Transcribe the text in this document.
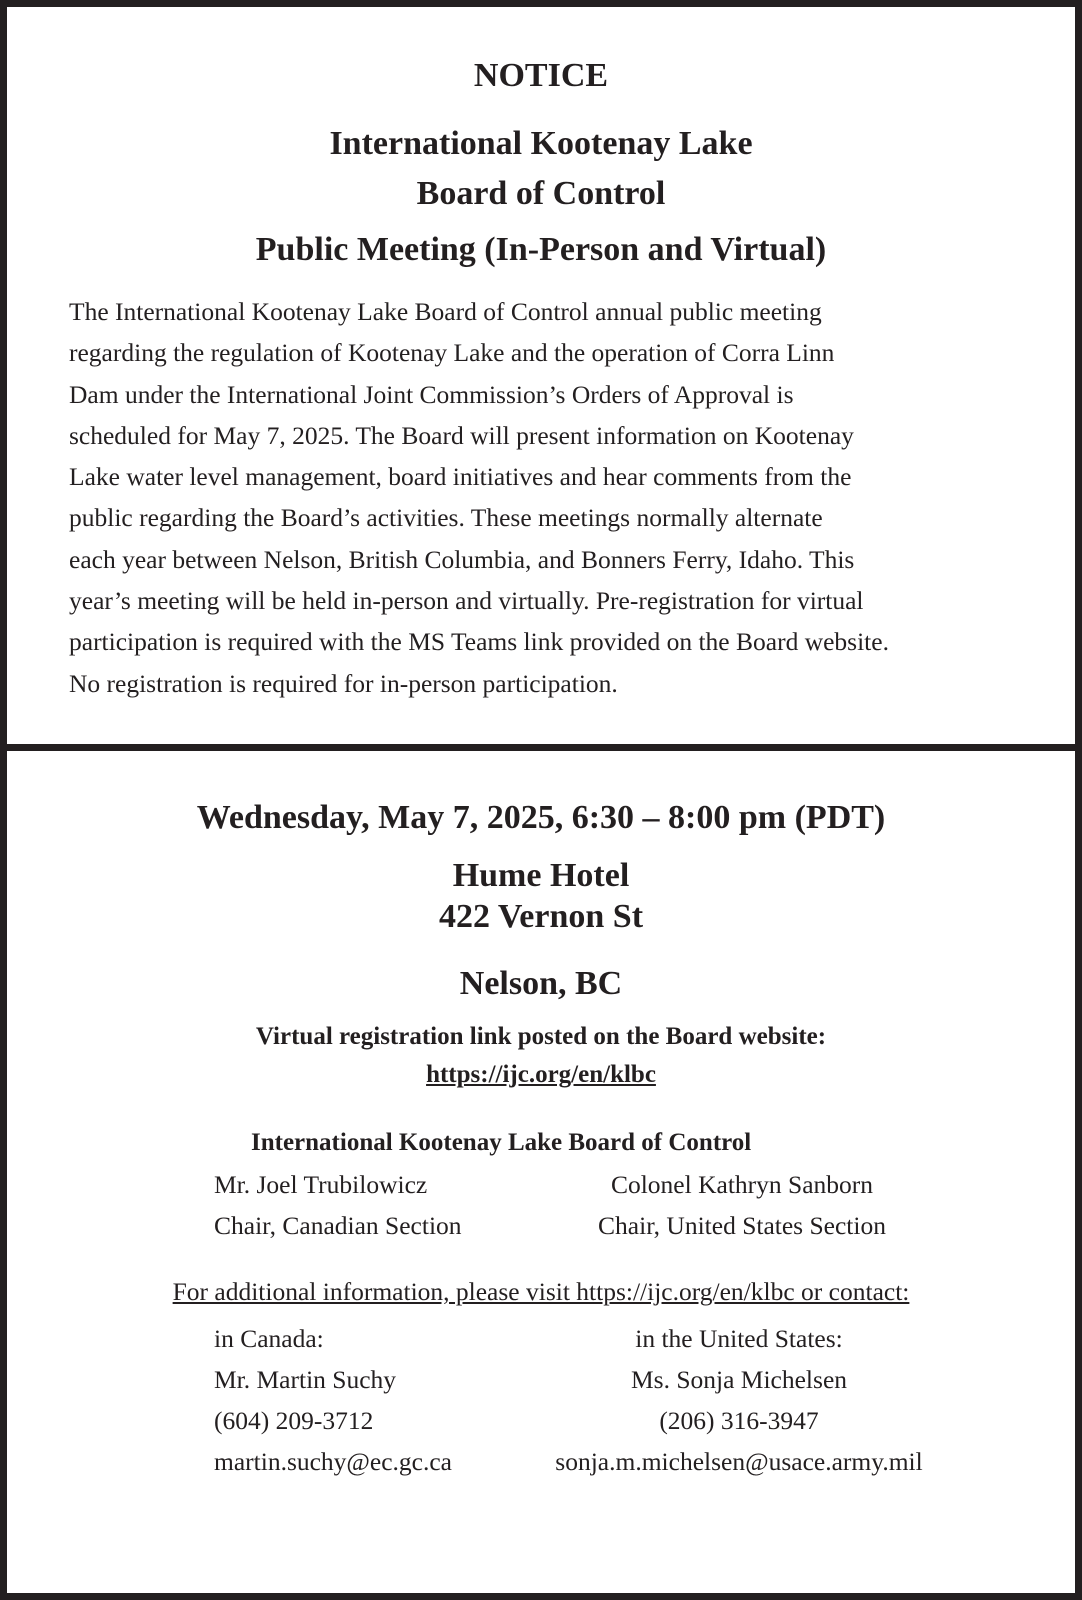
NOTICE
International Kootenay Lake
Board of Control
Public Meeting (In-Person and Virtual)
The International Kootenay Lake Board of Control annual public meeting
regarding the regulation of Kootenay Lake and the operation of Corra Linn
Dam under the International Joint Commission’s Orders of Approval is
scheduled for May 7, 2025. The Board will present information on Kootenay
Lake water level management, board initiatives and hear comments from the
public regarding the Board’s activities. These meetings normally alternate
each year between Nelson, British Columbia, and Bonners Ferry, Idaho. This
year’s meeting will be held in-person and virtually. Pre-registration for virtual
participation is required with the MS Teams link provided on the Board website.
No registration is required for in-person participation.
Wednesday, May 7, 2025, 6:30 – 8:00 pm (PDT)
Hume Hotel
422 Vernon St
Nelson, BC
Virtual registration link posted on the Board website:
https://ijc.org/en/klbc
International Kootenay Lake Board of Control
Mr. Joel Trubilowicz
Chair, Canadian Section
Colonel Kathryn Sanborn
Chair, United States Section
For additional information, please visit https://ijc.org/en/klbc or contact:
in Canada:
Mr. Martin Suchy
(604) 209-3712
martin.suchy@ec.gc.ca
in the United States:
Ms. Sonja Michelsen
(206) 316-3947
sonja.m.michelsen@usace.army.mil
